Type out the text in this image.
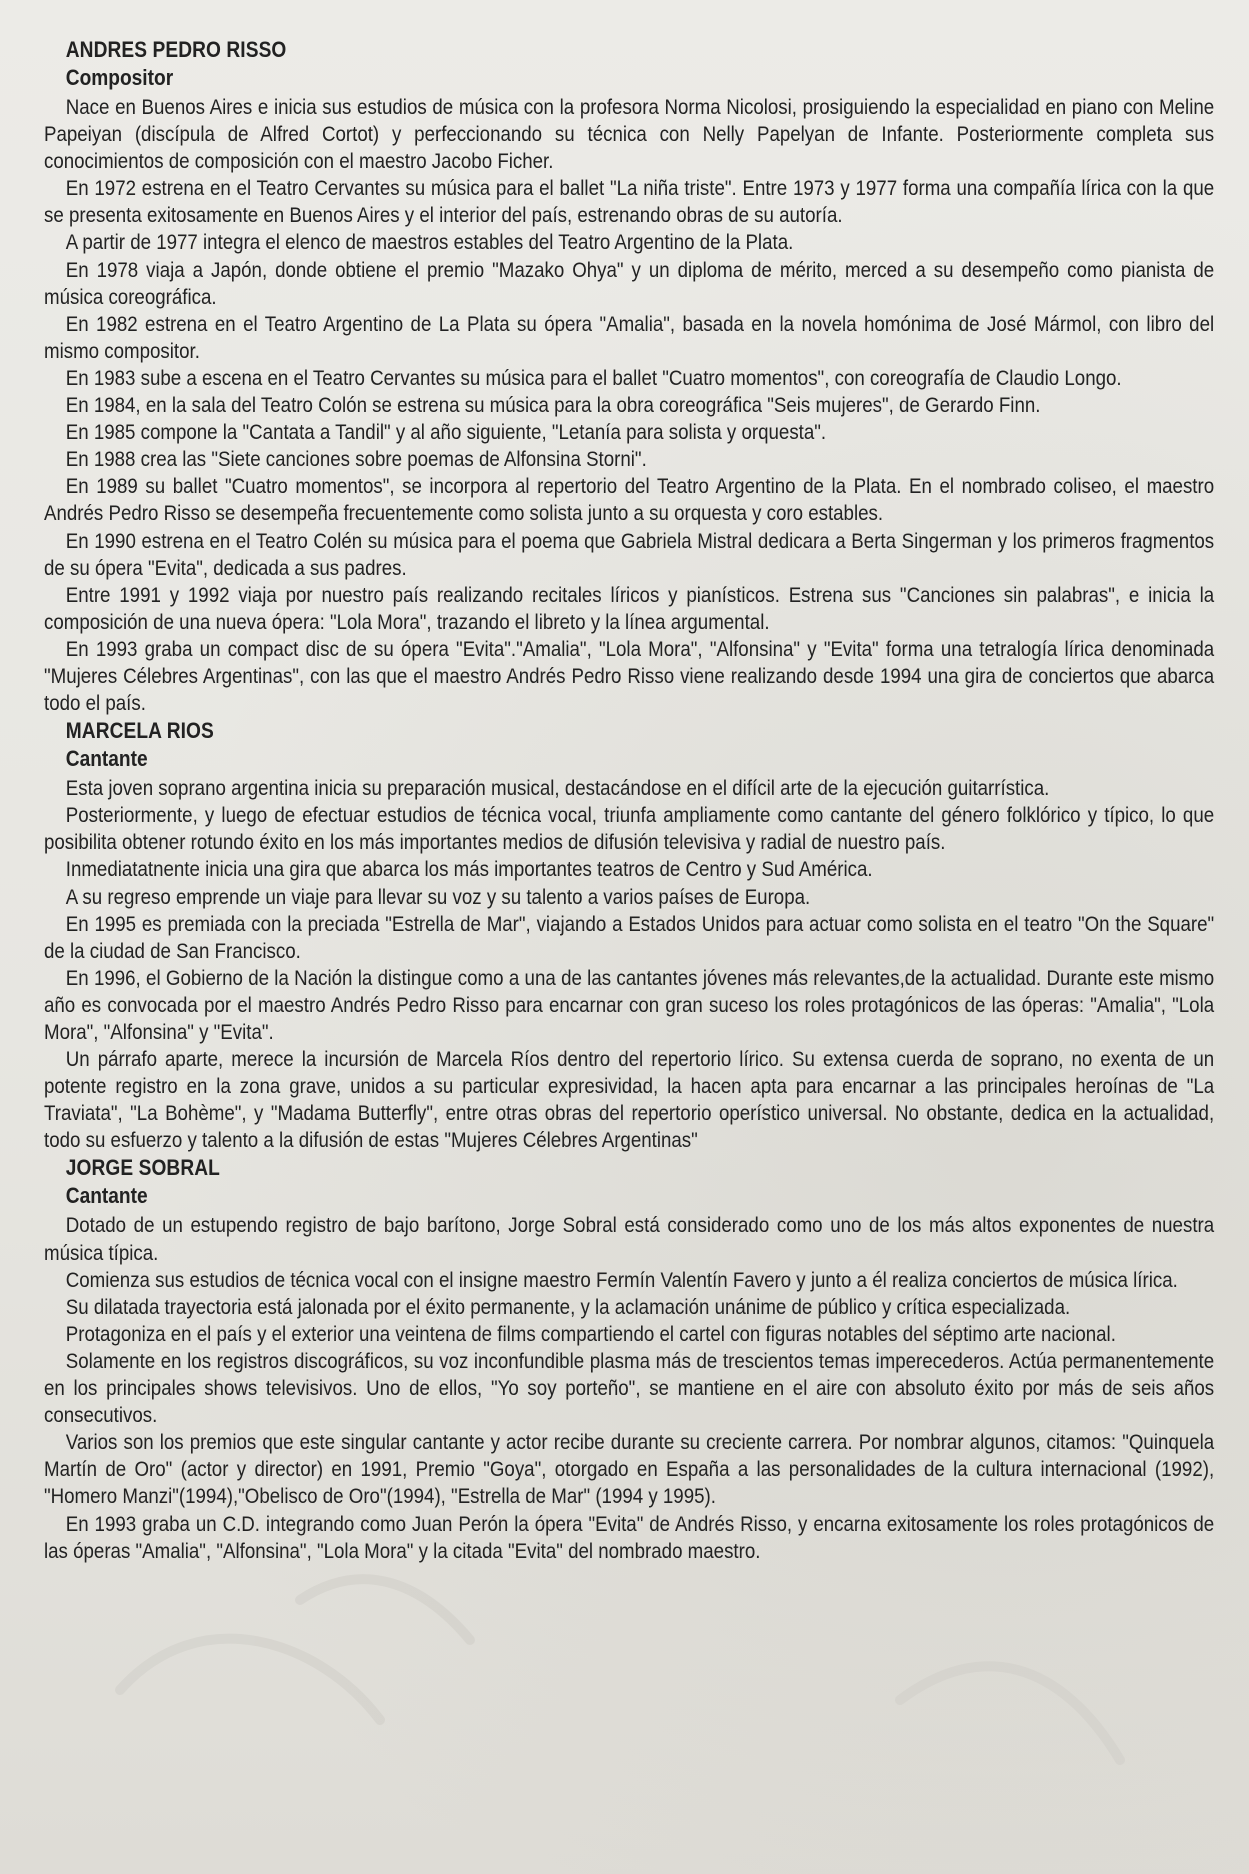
ANDRES PEDRO RISSO

Compositor

Nace en Buenos Aires e inicia sus estudios de música con la profesora Norma Nicolosi, prosiguiendo la especialidad en piano con Meline Papeiyan (discípula de Alfred Cortot) y perfeccionando su técnica con Nelly Papelyan de Infante. Posteriormente completa sus conocimientos de composición con el maestro Jacobo Ficher.

En 1972 estrena en el Teatro Cervantes su música para el ballet "La niña triste". Entre 1973 y 1977 forma una compañía lírica con la que se presenta exitosamente en Buenos Aires y el interior del país, estrenando obras de su autoría.

A partir de 1977 integra el elenco de maestros estables del Teatro Argentino de la Plata.

En 1978 viaja a Japón, donde obtiene el premio "Mazako Ohya" y un diploma de mérito, merced a su desempeño como pianista de música coreográfica.

En 1982 estrena en el Teatro Argentino de La Plata su ópera "Amalia", basada en la novela homónima de José Mármol, con libro del mismo compositor.

En 1983 sube a escena en el Teatro Cervantes su música para el ballet "Cuatro momentos", con coreografía de Claudio Longo.

En 1984, en la sala del Teatro Colón se estrena su música para la obra coreográfica "Seis mujeres", de Gerardo Finn.

En 1985 compone la "Cantata a Tandil" y al año siguiente, "Letanía para solista y orquesta".

En 1988 crea las "Siete canciones sobre poemas de Alfonsina Storni".

En 1989 su ballet "Cuatro momentos", se incorpora al repertorio del Teatro Argentino de la Plata. En el nombrado coliseo, el maestro Andrés Pedro Risso se desempeña frecuentemente como solista junto a su orquesta y coro estables.

En 1990 estrena en el Teatro Colén su música para el poema que Gabriela Mistral dedicara a Berta Singerman y los primeros fragmentos de su ópera "Evita", dedicada a sus padres.

Entre 1991 y 1992 viaja por nuestro país realizando recitales líricos y pianísticos. Estrena sus "Canciones sin palabras", e inicia la composición de una nueva ópera: "Lola Mora", trazando el libreto y la línea argumental.

En 1993 graba un compact disc de su ópera "Evita"."Amalia", "Lola Mora", "Alfonsina" y "Evita" forma una tetralogía lírica denominada "Mujeres Célebres Argentinas", con las que el maestro Andrés Pedro Risso viene realizando desde 1994 una gira de conciertos que abarca todo el país.

MARCELA RIOS

Cantante

Esta joven soprano argentina inicia su preparación musical, destacándose en el difícil arte de la ejecución guitarrística.

Posteriormente, y luego de efectuar estudios de técnica vocal, triunfa ampliamente como cantante del género folklórico y típico, lo que posibilita obtener rotundo éxito en los más importantes medios de difusión televisiva y radial de nuestro país.

Inmediatatnente inicia una gira que abarca los más importantes teatros de Centro y Sud América.

A su regreso emprende un viaje para llevar su voz y su talento a varios países de Europa.

En 1995 es premiada con la preciada "Estrella de Mar", viajando a Estados Unidos para actuar como solista en el teatro "On the Square" de la ciudad de San Francisco.

En 1996, el Gobierno de la Nación la distingue como a una de las cantantes jóvenes más relevantes,de la actualidad. Durante este mismo año es convocada por el maestro Andrés Pedro Risso para encarnar con gran suceso los roles protagónicos de las óperas: "Amalia", "Lola Mora", "Alfonsina" y "Evita".

Un párrafo aparte, merece la incursión de Marcela Ríos dentro del repertorio lírico. Su extensa cuerda de soprano, no exenta de un potente registro en la zona grave, unidos a su particular expresividad, la hacen apta para encarnar a las principales heroínas de "La Traviata", "La Bohème", y "Madama Butterfly", entre otras obras del repertorio operístico universal. No obstante, dedica en la actualidad, todo su esfuerzo y talento a la difusión de estas "Mujeres Célebres Argentinas"

JORGE SOBRAL

Cantante

Dotado de un estupendo registro de bajo barítono, Jorge Sobral está considerado como uno de los más altos exponentes de nuestra música típica.

Comienza sus estudios de técnica vocal con el insigne maestro Fermín Valentín Favero y junto a él realiza conciertos de música lírica.

Su dilatada trayectoria está jalonada por el éxito permanente, y la aclamación unánime de público y crítica especializada.

Protagoniza en el país y el exterior una veintena de films compartiendo el cartel con figuras notables del séptimo arte nacional.

Solamente en los registros discográficos, su voz inconfundible plasma más de trescientos temas imperecederos. Actúa permanentemente en los principales shows televisivos. Uno de ellos, "Yo soy porteño", se mantiene en el aire con absoluto éxito por más de seis años consecutivos.

Varios son los premios que este singular cantante y actor recibe durante su creciente carrera. Por nombrar algunos, citamos: "Quinquela Martín de Oro" (actor y director) en 1991, Premio "Goya", otorgado en España a las personalidades de la cultura internacional (1992), "Homero Manzi"(1994),"Obelisco de Oro"(1994), "Estrella de Mar" (1994 y 1995).

En 1993 graba un C.D. integrando como Juan Perón la ópera "Evita" de Andrés Risso, y encarna exitosamente los roles protagónicos de las óperas "Amalia", "Alfonsina", "Lola Mora" y la citada "Evita" del nombrado maestro.
